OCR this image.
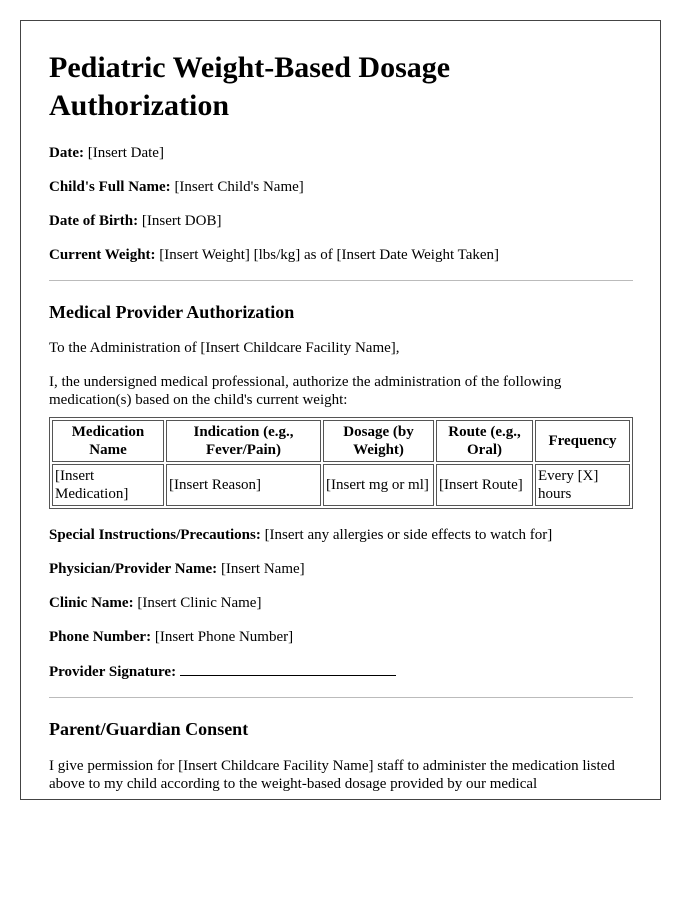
Pediatric Weight-Based Dosage Authorization

Date: [Insert Date]

Child's Full Name: [Insert Child's Name]

Date of Birth: [Insert DOB]

Current Weight: [Insert Weight] [lbs/kg] as of [Insert Date Weight Taken]

Medical Provider Authorization

To the Administration of [Insert Childcare Facility Name],

I, the undersigned medical professional, authorize the administration of the following medication(s) based on the child's current weight:

Medication Name	Indication (e.g., Fever/Pain)	Dosage (by Weight)	Route (e.g., Oral)	Frequency
[Insert Medication]	[Insert Reason]	[Insert mg or ml]	[Insert Route]	Every [X] hours

Special Instructions/Precautions: [Insert any allergies or side effects to watch for]

Physician/Provider Name: [Insert Name]

Clinic Name: [Insert Clinic Name]

Phone Number: [Insert Phone Number]

Provider Signature:

Parent/Guardian Consent

I give permission for [Insert Childcare Facility Name] staff to administer the medication listed above to my child according to the weight-based dosage provided by our medical
